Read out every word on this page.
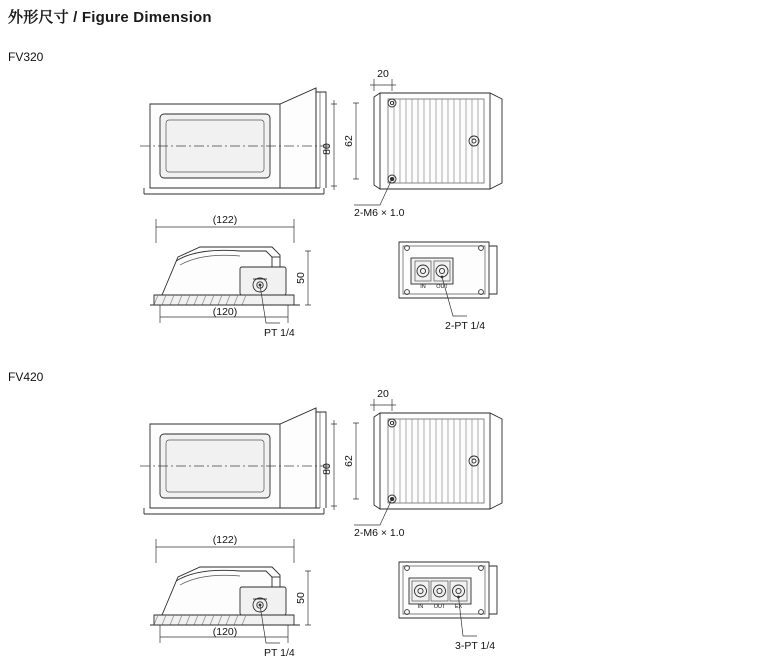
外形尺寸 / Figure Dimension
FV320
80
20
62
2-M6 × 1.0
(122)
50
(120)
PT 1/4
IN OUT
2-PT 1/4
FV420
80
20
62
2-M6 × 1.0
(122)
50
(120)
PT 1/4
IN OUT EX
3-PT 1/4
